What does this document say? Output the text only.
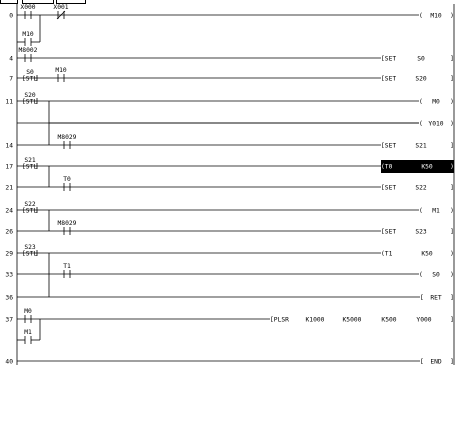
0
X000	X001
M10
( M10 )
4
M8002
[SET	S0	]
7 [STL
S0	M10
[SET	S20	]
11 [STL
S20
( M0 )
( Y010 )
14
M8029
[SET	S21	]
17 [STL
S21
(T0	K50	)
21
T0
[SET	S22	]
24 [STL
S22
( M1 )
26
M8029
[SET	S23	]
29 [STL
S23
(T1	K50	)
33
T1
( S0 )
36	[ RET ]
37
M0
M1
[PLSR	K1000	K5000	K500	Y000	]
40	[ END ]
